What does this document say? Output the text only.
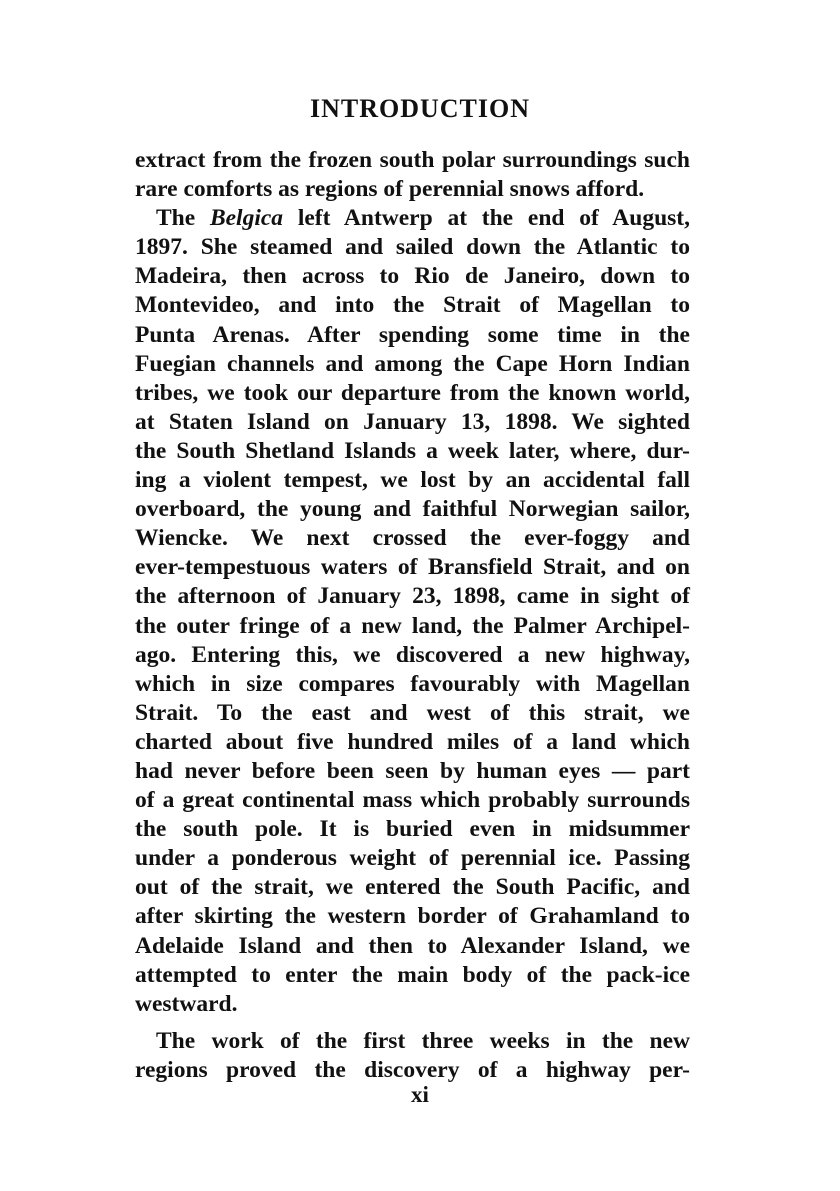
INTRODUCTION
extract from the frozen south polar surroundings such
rare comforts as regions of perennial snows afford.
The Belgica left Antwerp at the end of August,
1897. She steamed and sailed down the Atlantic to
Madeira, then across to Rio de Janeiro, down to
Montevideo, and into the Strait of Magellan to
Punta Arenas. After spending some time in the
Fuegian channels and among the Cape Horn Indian
tribes, we took our departure from the known world,
at Staten Island on January 13, 1898. We sighted
the South Shetland Islands a week later, where, dur-
ing a violent tempest, we lost by an accidental fall
overboard, the young and faithful Norwegian sailor,
Wiencke. We next crossed the ever-foggy and
ever-tempestuous waters of Bransfield Strait, and on
the afternoon of January 23, 1898, came in sight of
the outer fringe of a new land, the Palmer Archipel-
ago. Entering this, we discovered a new highway,
which in size compares favourably with Magellan
Strait. To the east and west of this strait, we
charted about five hundred miles of a land which
had never before been seen by human eyes — part
of a great continental mass which probably surrounds
the south pole. It is buried even in midsummer
under a ponderous weight of perennial ice. Passing
out of the strait, we entered the South Pacific, and
after skirting the western border of Grahamland to
Adelaide Island and then to Alexander Island, we
attempted to enter the main body of the pack-ice
westward.
The work of the first three weeks in the new
regions proved the discovery of a highway per-
xi
